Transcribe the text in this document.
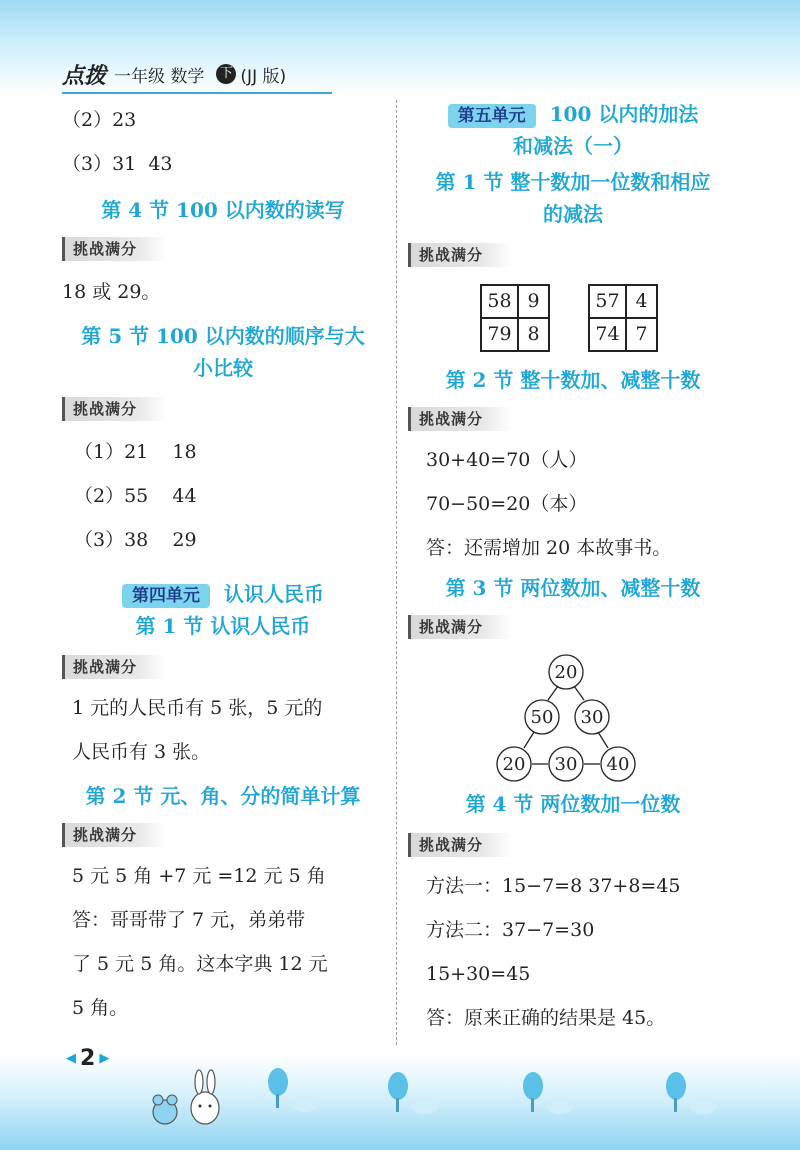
点拨 一年级 数学 下 (JJ 版)
（2）23
（3）31  43
第 4 节 100 以内数的读写
挑战满分
18 或 29。
第 5 节 100 以内数的顺序与大
小比较
挑战满分
（1）21    18
（2）55    44
（3）38    29
第四单元 认识人民币
第 1 节 认识人民币
挑战满分
1 元的人民币有 5 张，5 元的
人民币有 3 张。
第 2 节 元、角、分的简单计算
挑战满分
5 元 5 角 +7 元 =12 元 5 角
答：哥哥带了 7 元，弟弟带
了 5 元 5 角。这本字典 12 元
5 角。
第五单元 100 以内的加法
和减法（一）
第 1 节 整十数加一位数和相应
的减法
挑战满分
58 9
79 8
57 4
74 7
第 2 节 整十数加、减整十数
挑战满分
30+40=70（人）
70−50=20（本）
答：还需增加 20 本故事书。
第 3 节 两位数加、减整十数
挑战满分
20
50 30
20 30 40
第 4 节 两位数加一位数
挑战满分
方法一：15−7=8 37+8=45
方法二：37−7=30
15+30=45
答：原来正确的结果是 45。
◀ 2 ▶
